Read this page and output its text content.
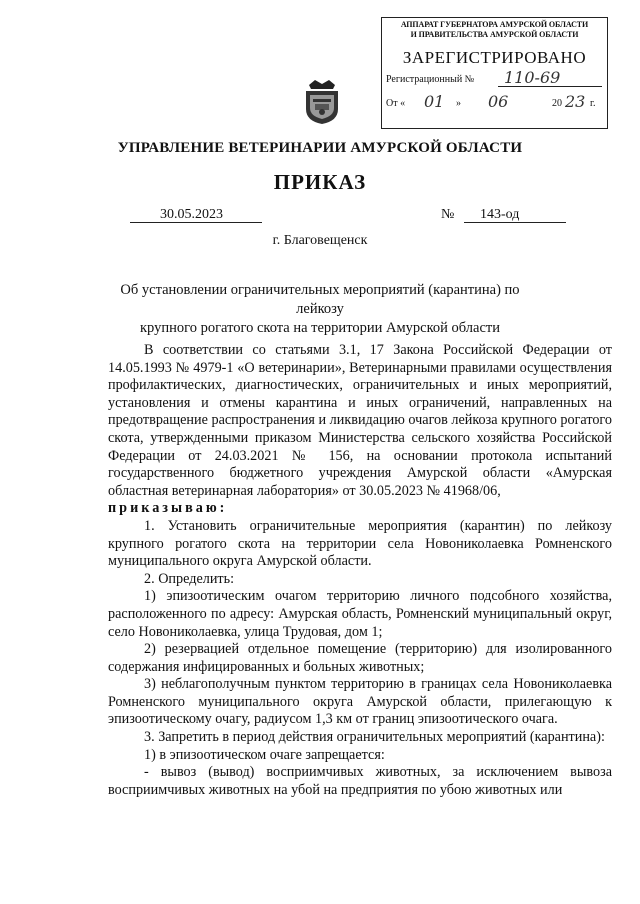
АППАРАТ ГУБЕРНАТОРА АМУРСКОЙ ОБЛАСТИ
И ПРАВИТЕЛЬСТВА АМУРСКОЙ ОБЛАСТИ
ЗАРЕГИСТРИРОВАНО
Регистрационный № 110-69
От « 01 » 06	20 23 г.
УПРАВЛЕНИЕ ВЕТЕРИНАРИИ АМУРСКОЙ ОБЛАСТИ
ПРИКАЗ
30.05.2023	№ 143-од
г. Благовещенск
Об установлении ограничительных мероприятий (карантина) по лейкозу
крупного рогатого скота на территории Амурской области

В соответствии со статьями 3.1, 17 Закона Российской Федерации от 14.05.1993 № 4979-1 «О ветеринарии», Ветеринарными правилами осуществления профилактических, диагностических, ограничительных и иных мероприятий, установления и отмены карантина и иных ограничений, направленных на предотвращение распространения и ликвидацию очагов лейкоза крупного рогатого скота, утвержденными приказом Министерства сельского хозяйства Российской Федерации от 24.03.2021 № 156, на основании протокола испытаний государственного бюджетного учреждения Амурской области «Амурская областная ветеринарная лаборатория» от 30.05.2023 № 41968/06,

приказываю:

1. Установить ограничительные мероприятия (карантин) по лейкозу крупного рогатого скота на территории села Новониколаевка Ромненского муниципального округа Амурской области.

2. Определить:

1) эпизоотическим очагом территорию личного подсобного хозяйства, расположенного по адресу: Амурская область, Ромненский муниципальный округ, село Новониколаевка, улица Трудовая, дом 1;

2) резервацией отдельное помещение (территорию) для изолированного содержания инфицированных и больных животных;

3) неблагополучным пунктом территорию в границах села Новониколаевка Ромненского муниципального округа Амурской области, прилегающую к эпизоотическому очагу, радиусом 1,3 км от границ эпизоотического очага.

3. Запретить в период действия ограничительных мероприятий (карантина):

1) в эпизоотическом очаге запрещается:

- вывоз (вывод) восприимчивых животных, за исключением вывоза восприимчивых животных на убой на предприятия по убою животных или
